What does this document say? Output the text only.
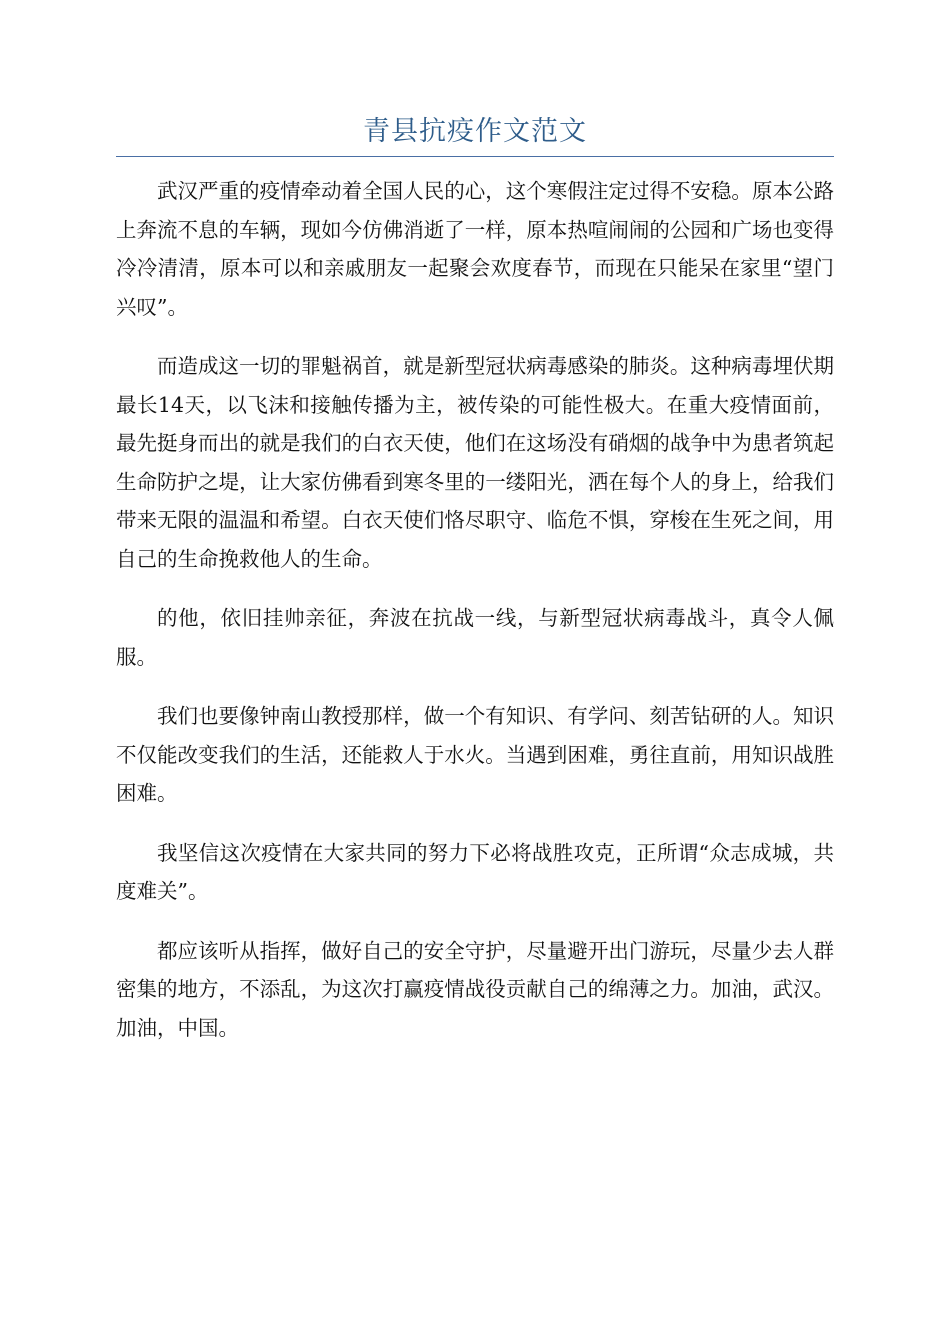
青县抗疫作文范文

武汉严重的疫情牵动着全国人民的心，这个寒假注定过得不安稳。原本公路上奔流不息的车辆，现如今仿佛消逝了一样，原本热喧闹闹的公园和广场也变得冷冷清清，原本可以和亲戚朋友一起聚会欢度春节，而现在只能呆在家里“望门兴叹”。

而造成这一切的罪魁祸首，就是新型冠状病毒感染的肺炎。这种病毒埋伏期最长14天，以飞沫和接触传播为主，被传染的可能性极大。在重大疫情面前，最先挺身而出的就是我们的白衣天使，他们在这场没有硝烟的战争中为患者筑起生命防护之堤，让大家仿佛看到寒冬里的一缕阳光，洒在每个人的身上，给我们带来无限的温温和希望。白衣天使们恪尽职守、临危不惧，穿梭在生死之间，用自己的生命挽救他人的生命。

的他，依旧挂帅亲征，奔波在抗战一线，与新型冠状病毒战斗，真令人佩服。

我们也要像钟南山教授那样，做一个有知识、有学问、刻苦钻研的人。知识不仅能改变我们的生活，还能救人于水火。当遇到困难，勇往直前，用知识战胜困难。

我坚信这次疫情在大家共同的努力下必将战胜攻克，正所谓“众志成城，共度难关”。

都应该听从指挥，做好自己的安全守护，尽量避开出门游玩，尽量少去人群密集的地方，不添乱，为这次打赢疫情战役贡献自己的绵薄之力。加油，武汉。加油，中国。
